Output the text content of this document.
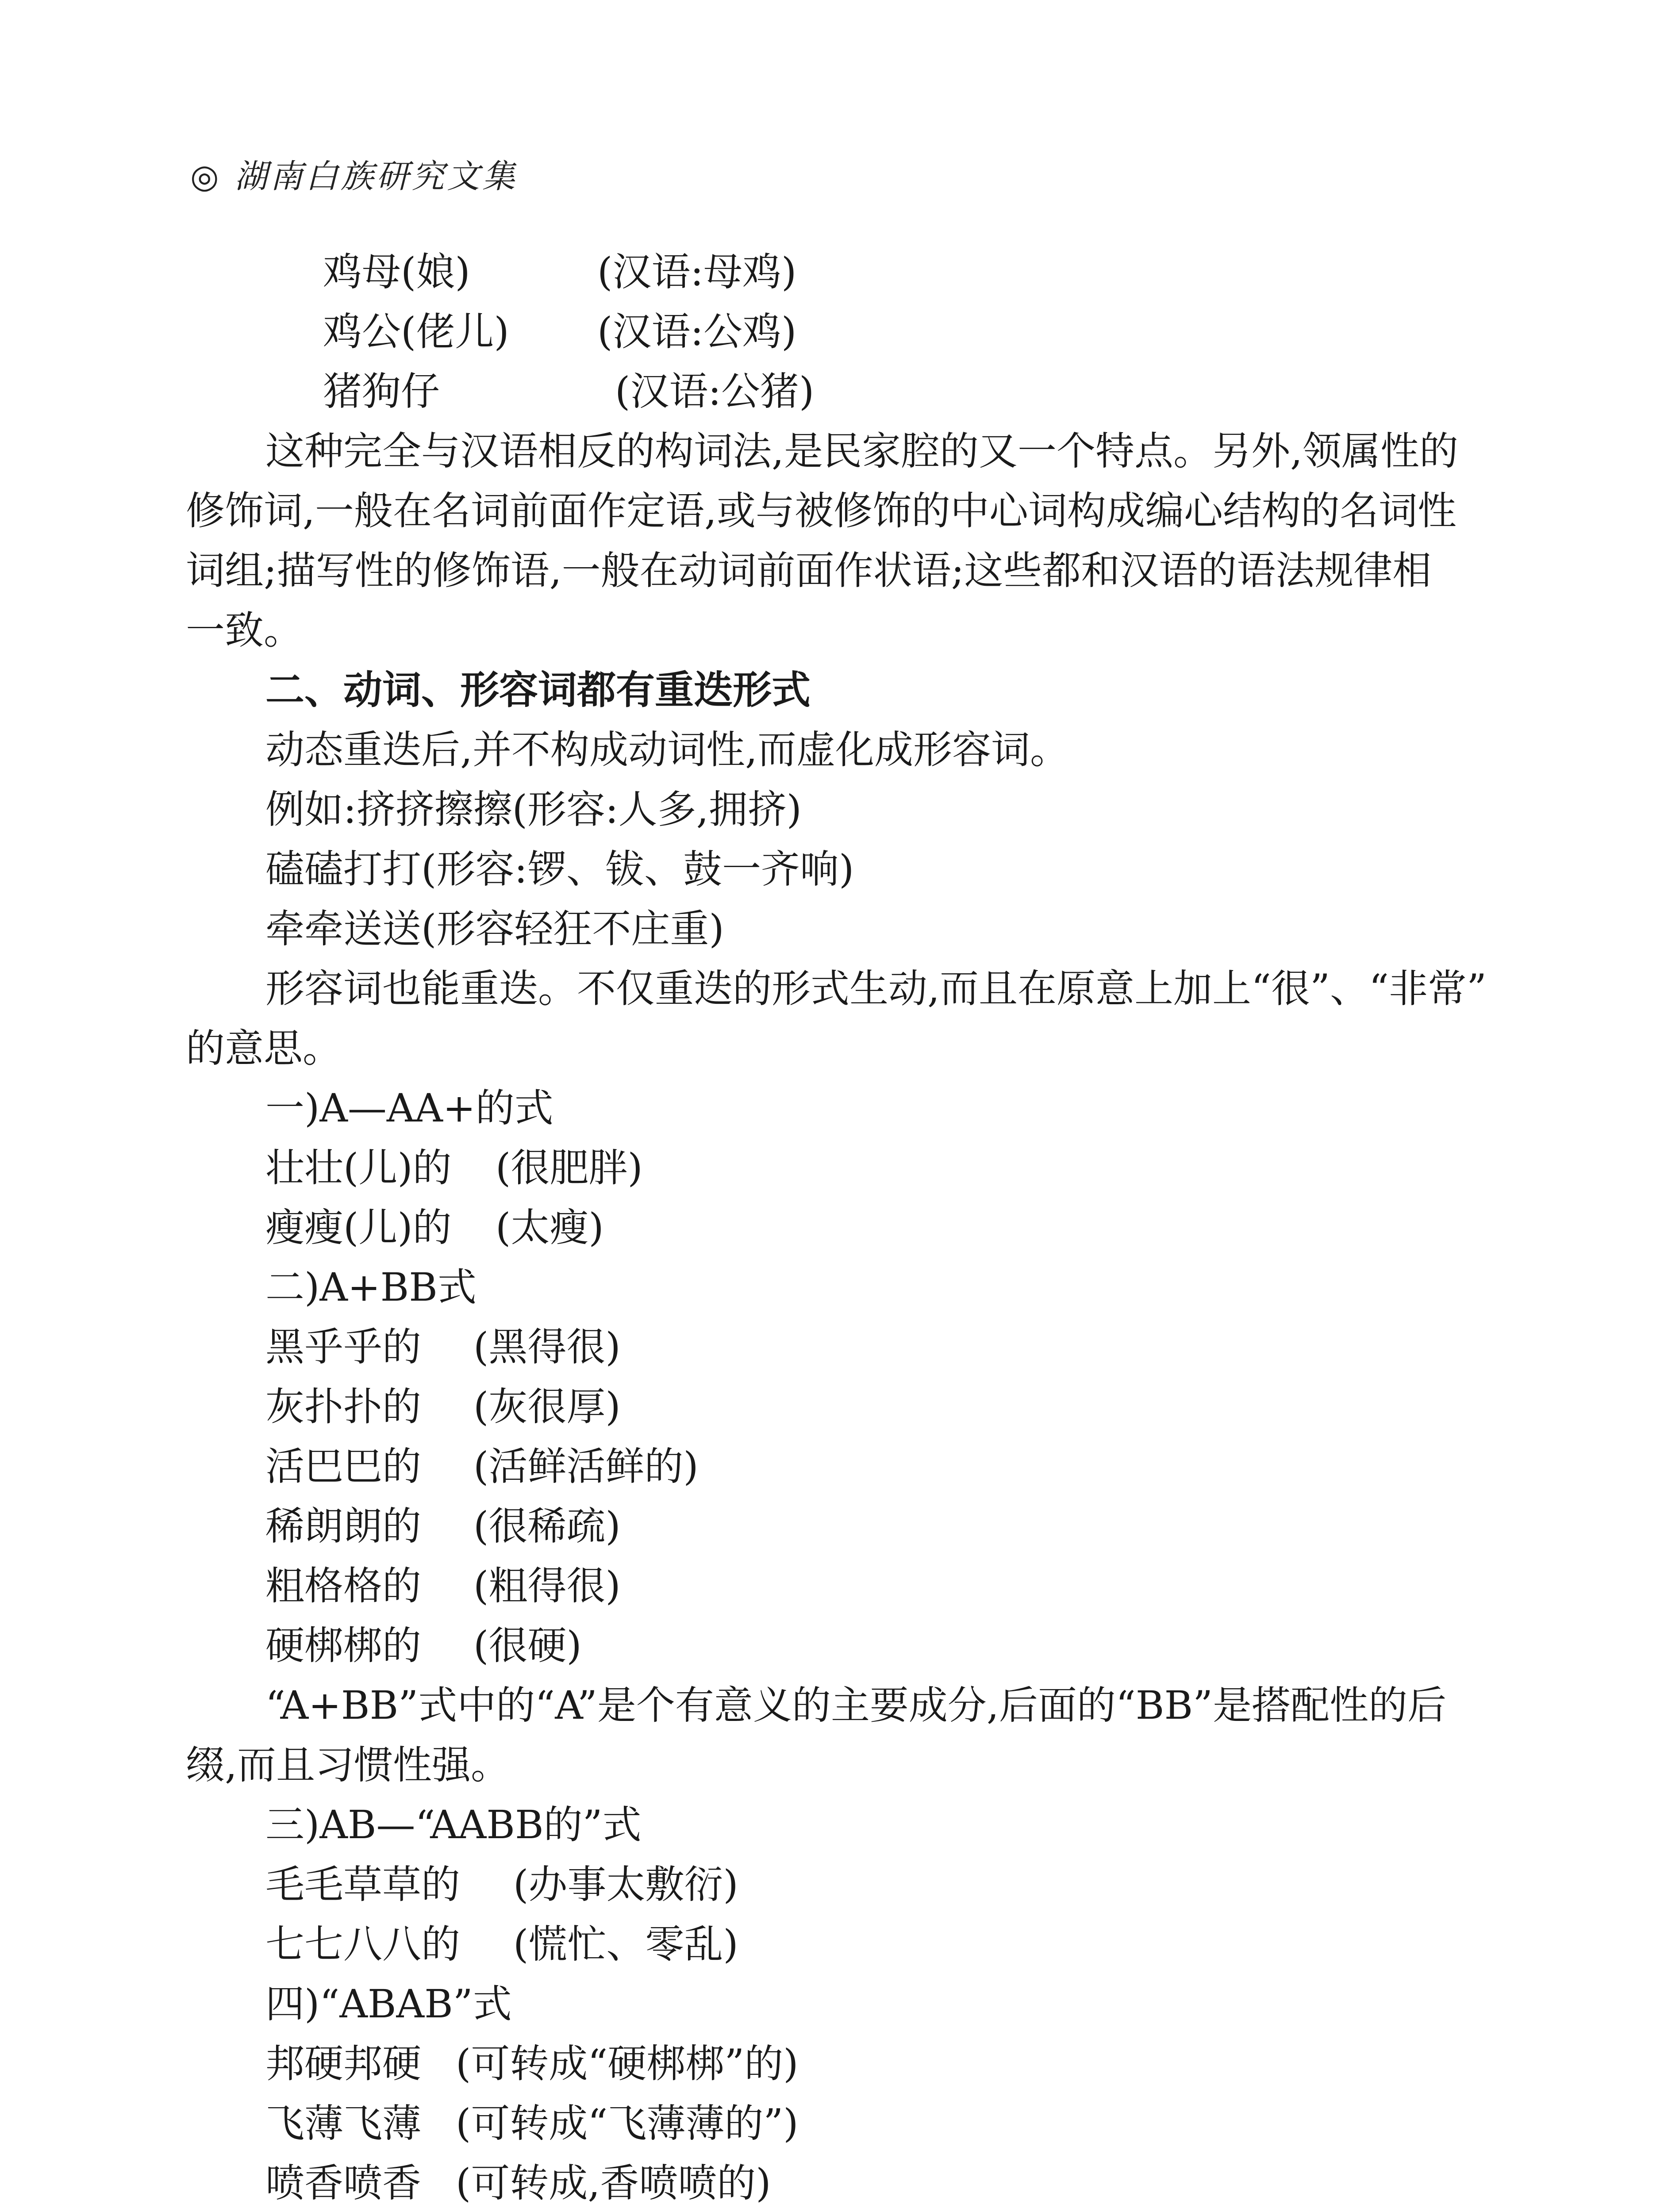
◎ 湖南白族研究文集
鸡母(娘)	(汉语:母鸡)
鸡公(佬儿) (汉语:公鸡)
猪狗仔	(汉语:公猪)
这种完全与汉语相反的构词法,是民家腔的又一个特点。另外,领属性的
修饰词,一般在名词前面作定语,或与被修饰的中心词构成编心结构的名词性
词组;描写性的修饰语,一般在动词前面作状语;这些都和汉语的语法规律相
一致。
二、动词、形容词都有重迭形式
动态重迭后,并不构成动词性,而虚化成形容词。
例如:挤挤擦擦(形容:人多,拥挤)
磕磕打打(形容:锣、钹、鼓一齐响)
牵牵送送(形容轻狂不庄重)
形容词也能重迭。不仅重迭的形式生动,而且在原意上加上“很”、“非常”
的意思。
一)A—AA+的式
壮壮(儿)的 (很肥胖)
瘦瘦(儿)的 (太瘦)
二)A+BB式
黑乎乎的 (黑得很)
灰扑扑的 (灰很厚)
活巴巴的 (活鲜活鲜的)
稀朗朗的 (很稀疏)
粗格格的 (粗得很)
硬梆梆的 (很硬)
“A+BB”式中的“A”是个有意义的主要成分,后面的“BB”是搭配性的后
缀,而且习惯性强。
三)AB—“AABB的”式
毛毛草草的 (办事太敷衍)
七七八八的 (慌忙、零乱)
四)“ABAB”式
邦硬邦硬 (可转成“硬梆梆”的)
飞薄飞薄 (可转成“飞薄薄的”)
喷香喷香 (可转成,香喷喷的)
